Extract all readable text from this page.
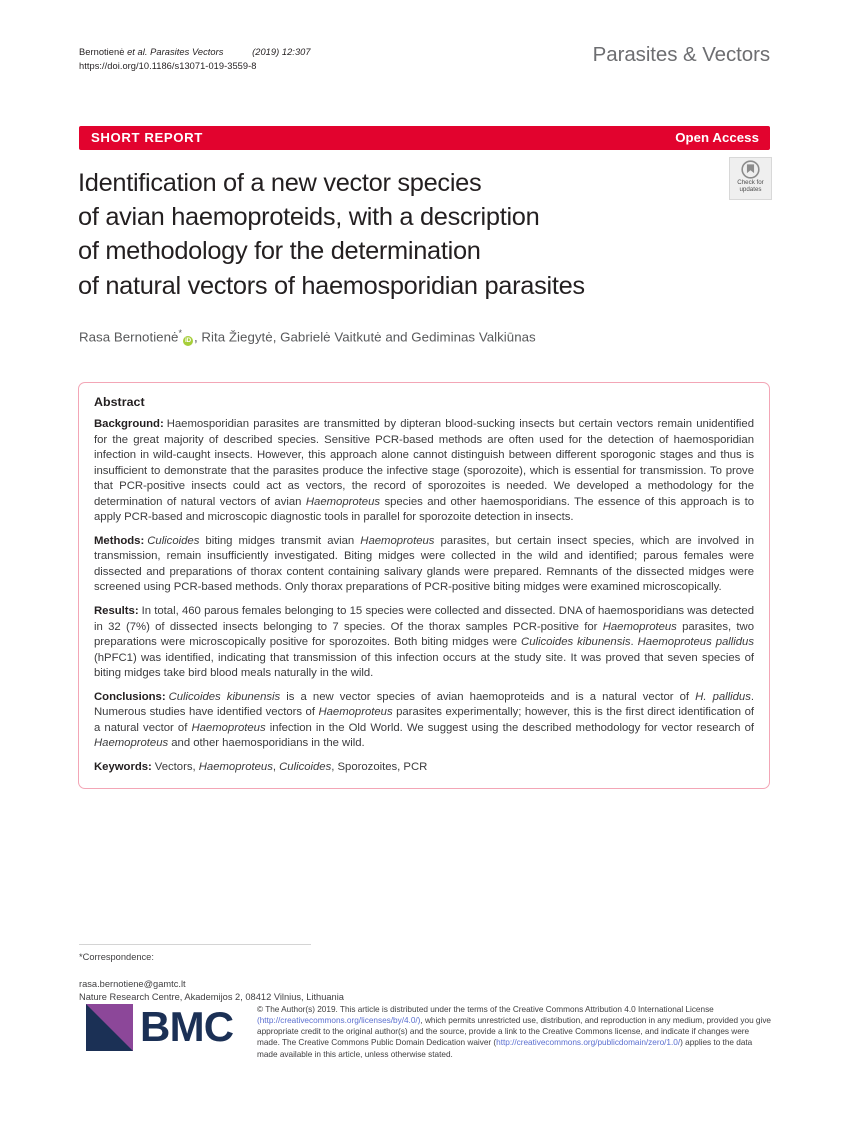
Bernotienė et al. Parasites Vectors	(2019) 12:307
https://doi.org/10.1186/s13071-019-3559-8	Parasites & Vectors
SHORT REPORT	Open Access
Check for
updates
Identification of a new vector species
of avian haemoproteids, with a description
of methodology for the determination
of natural vectors of haemosporidian parasites
Rasa Bernotienė*iD , Rita Žiegytė, Gabrielė Vaitkutė and Gediminas Valkiūnas
Abstract

Background: Haemosporidian parasites are transmitted by dipteran blood-sucking insects but certain vectors remain unidentified for the great majority of described species. Sensitive PCR-based methods are often used for the detection of haemosporidian infection in wild-caught insects. However, this approach alone cannot distinguish between different sporogonic stages and thus is insufficient to demonstrate that the parasites produce the infective stage (sporozoite), which is essential for transmission. To prove that PCR-positive insects could act as vectors, the record of sporozoites is needed. We developed a methodology for the determination of natural vectors of avian Haemoproteus species and other haemosporidians. The essence of this approach is to apply PCR-based and microscopic diagnostic tools in parallel for sporozoite detection in insects.

Methods: Culicoides biting midges transmit avian Haemoproteus parasites, but certain insect species, which are involved in transmission, remain insufficiently investigated. Biting midges were collected in the wild and identified; parous females were dissected and preparations of thorax content containing salivary glands were prepared. Remnants of the dissected midges were screened using PCR-based methods. Only thorax preparations of PCR-positive biting midges were examined microscopically.

Results: In total, 460 parous females belonging to 15 species were collected and dissected. DNA of haemosporidians was detected in 32 (7%) of dissected insects belonging to 7 species. Of the thorax samples PCR-positive for Haemoproteus parasites, two preparations were microscopically positive for sporozoites. Both biting midges were Culicoides kibunensis. Haemoproteus pallidus (hPFC1) was identified, indicating that transmission of this infection occurs at the study site. It was proved that seven species of biting midges take bird blood meals naturally in the wild.

Conclusions: Culicoides kibunensis is a new vector species of avian haemoproteids and is a natural vector of H. pallidus. Numerous studies have identified vectors of Haemoproteus parasites experimentally; however, this is the first direct identification of a natural vector of Haemoproteus infection in the Old World. We suggest using the described methodology for vector research of Haemoproteus and other haemosporidians in the wild.

Keywords: Vectors, Haemoproteus, Culicoides, Sporozoites, PCR

*Correspondence:

rasa.bernotiene@gamtc.lt
Nature Research Centre, Akademijos 2, 08412 Vilnius, Lithuania
BMC	© The Author(s) 2019. This article is distributed under the terms of the Creative Commons Attribution 4.0 International License (http://creativecommons.org/licenses/by/4.0/), which permits unrestricted use, distribution, and reproduction in any medium, provided you give appropriate credit to the original author(s) and the source, provide a link to the Creative Commons license, and indicate if changes were made. The Creative Commons Public Domain Dedication waiver (http://creativecommons.org/publicdomain/zero/1.0/) applies to the data made available in this article, unless otherwise stated.
